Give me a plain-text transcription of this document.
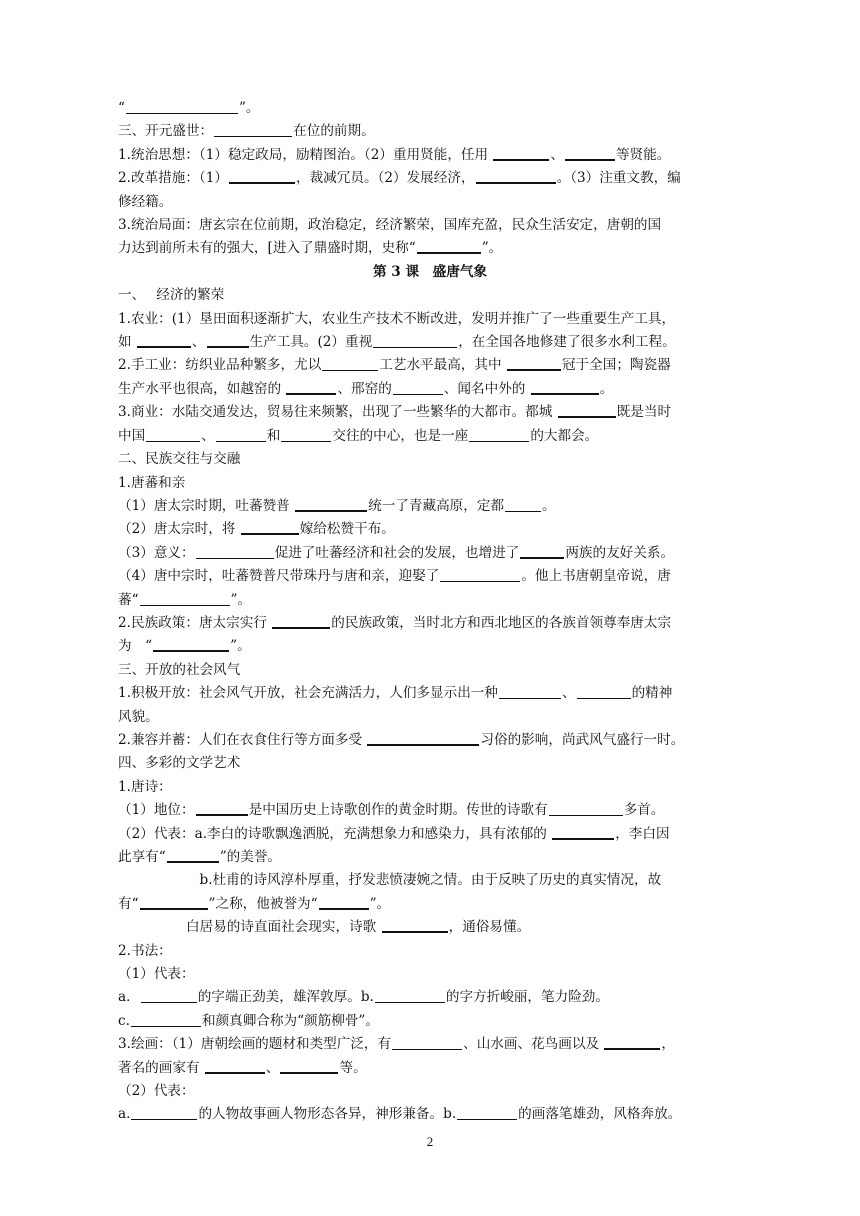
“	”。
三、开元盛世：	在位的前期。
1.统治思想：（1）稳定政局，励精图治。（2）重用贤能，任用	、	等贤能。
2.改革措施：（1）	，裁减冗员。（2）发展经济，	。（3）注重文教，编
修经籍。
3.统治局面：唐玄宗在位前期，政治稳定，经济繁荣，国库充盈，民众生活安定，唐朝的国
力达到前所未有的强大，[进入了鼎盛时期，史称“	”。
第 3 课　盛唐气象
一、　 经济的繁荣
1.农业：(1）垦田面积逐渐扩大，农业生产技术不断改进，发明并推广了一些重要生产工具，
如	、	生产工具。(2）重视	，在全国各地修建了很多水利工程。
2.手工业：纺织业品种繁多，尤以	工艺水平最高，其中	冠于全国；陶瓷器
生产水平也很高，如越窑的	、邢窑的	、闻名中外的	。
3.商业：水陆交通发达，贸易往来频繁，出现了一些繁华的大都市。都城	既是当时
中国	、	和	交往的中心，也是一座	的大都会。
二、民族交往与交融
1.唐蕃和亲
（1）唐太宗时期，吐蕃赞普	统一了青藏高原，定都	。
（2）唐太宗时，将	嫁给松赞干布。
（3）意义：	促进了吐蕃经济和社会的发展，也增进了	两族的友好关系。
（4）唐中宗时，吐蕃赞普尺带珠丹与唐和亲，迎娶了	。他上书唐朝皇帝说，唐
蕃“	”。
2.民族政策：唐太宗实行	的民族政策，当时北方和西北地区的各族首领尊奉唐太宗
为　“	”。
三、开放的社会风气
1.积极开放：社会风气开放，社会充满活力，人们多显示出一种	、	的精神
风貌。
2.兼容并蓄：人们在衣食住行等方面多受	习俗的影响，尚武风气盛行一时。
四、多彩的文学艺术
1.唐诗：
（1）地位：	是中国历史上诗歌创作的黄金时期。传世的诗歌有	多首。
（2）代表：a.李白的诗歌飘逸洒脱，充满想象力和感染力，具有浓郁的	，李白因
此享有“	”的美誉。
　　　　　　b.杜甫的诗风淳朴厚重，抒发悲愤凄婉之情。由于反映了历史的真实情况，故
有“	”之称，他被誉为“	”。
　　　　　白居易的诗直面社会现实，诗歌	，通俗易懂。
2.书法：
（1）代表：
a．	的字端正劲美，雄浑敦厚。b.	的字方折峻丽，笔力险劲。
c.	和颜真卿合称为“颜筋柳骨”。
3.绘画：（1）唐朝绘画的题材和类型广泛，有	、山水画、花鸟画以及	，
著名的画家有	、	等。
（2）代表：
a.	的人物故事画人物形态各异，神形兼备。b.	的画落笔雄劲，风格奔放。
2
